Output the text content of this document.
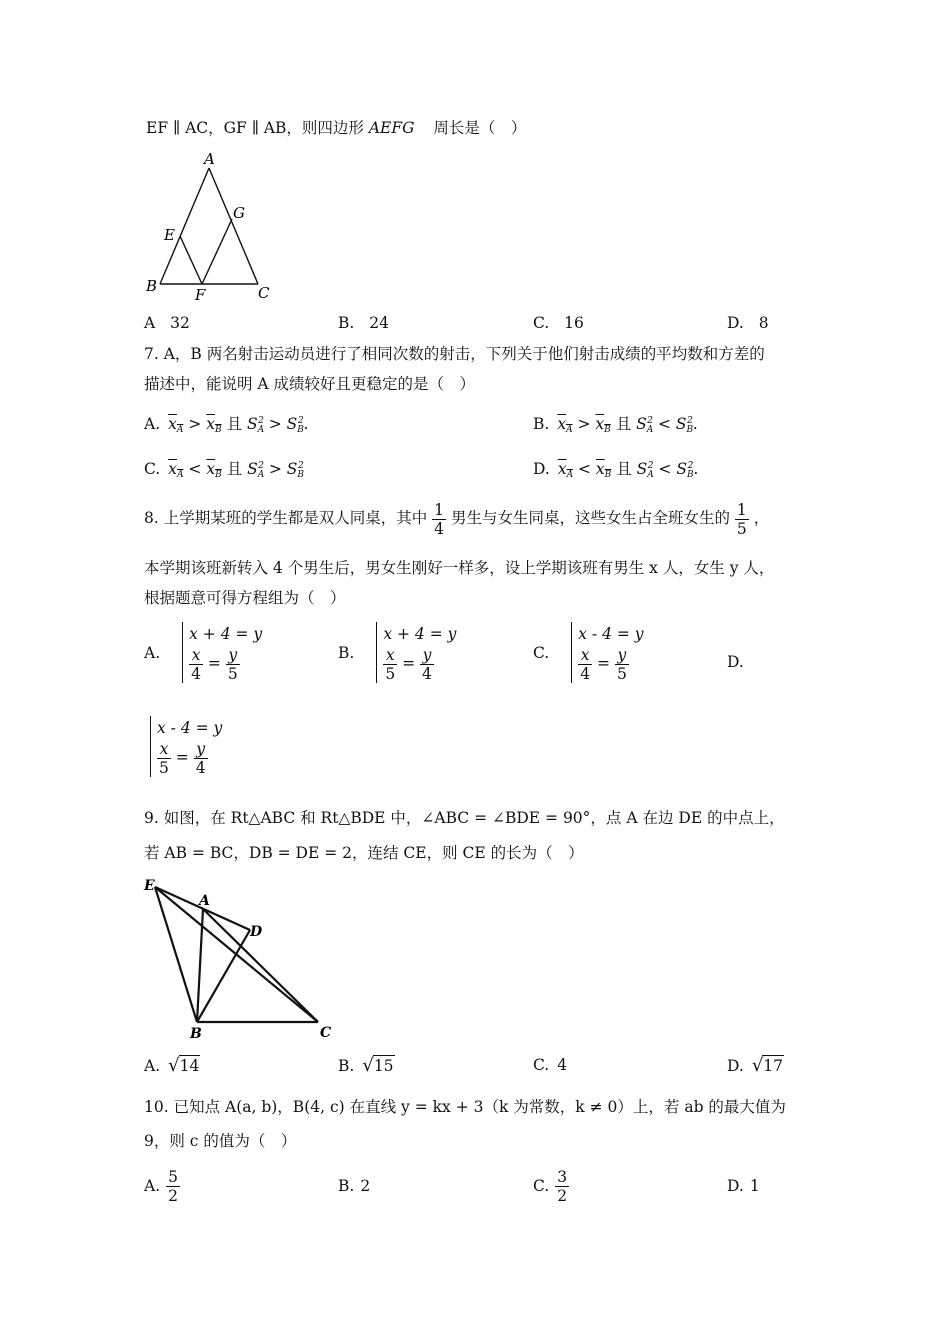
EF ∥ AC，GF ∥ AB，则四边形 AEFG 周长是（　）
A
B	C
E
F
G
A 32	B. 24	C. 16	D. 8
7. A，B 两名射击运动员进行了相同次数的射击，下列关于他们射击成绩的平均数和方差的
描述中，能说明 A 成绩较好且更稳定的是（　）
A. $x_A > x_B$ 且 $S_A^2 > S_B^2$.	B. $x_A > x_B$ 且 $S_A^2 < S_B^2$.
C. $x_A < x_B$ 且 $S_A^2 > S_B^2$	D. $x_A < x_B$ 且 $S_A^2 < S_B^2$.
8. 上学期某班的学生都是双人同桌，其中 $\frac{1}{4}$ 男生与女生同桌，这些女生占全班女生的 $\frac{1}{5}$ ，
本学期该班新转入 4 个男生后，男女生刚好一样多，设上学期该班有男生 x 人，女生 y 人，
根据题意可得方程组为（　）
A.
x + 4 = y
$\frac{x}{4} = \frac{y}{5}$	B.
x + 4 = y
$\frac{x}{5} = \frac{y}{4}$	C.
x - 4 = y
$\frac{x}{4} = \frac{y}{5}$	D.
x - 4 = y
$\frac{x}{5} = \frac{y}{4}$
9. 如图，在 Rt△ABC 和 Rt△BDE 中，∠ABC = ∠BDE = 90°，点 A 在边 DE 的中点上，
若 AB = BC，DB = DE = 2，连结 CE，则 CE 的长为（　）
E
A
D
B	C
A. √14	B. √15	C. 4	D. √17
10. 已知点 A(a, b)，B(4, c) 在直线 y = kx + 3（k 为常数，k ≠ 0）上，若 ab 的最大值为
9，则 c 的值为（　）
A. $\frac{5}{2}$	B. 2	C. $\frac{3}{2}$	D. 1
